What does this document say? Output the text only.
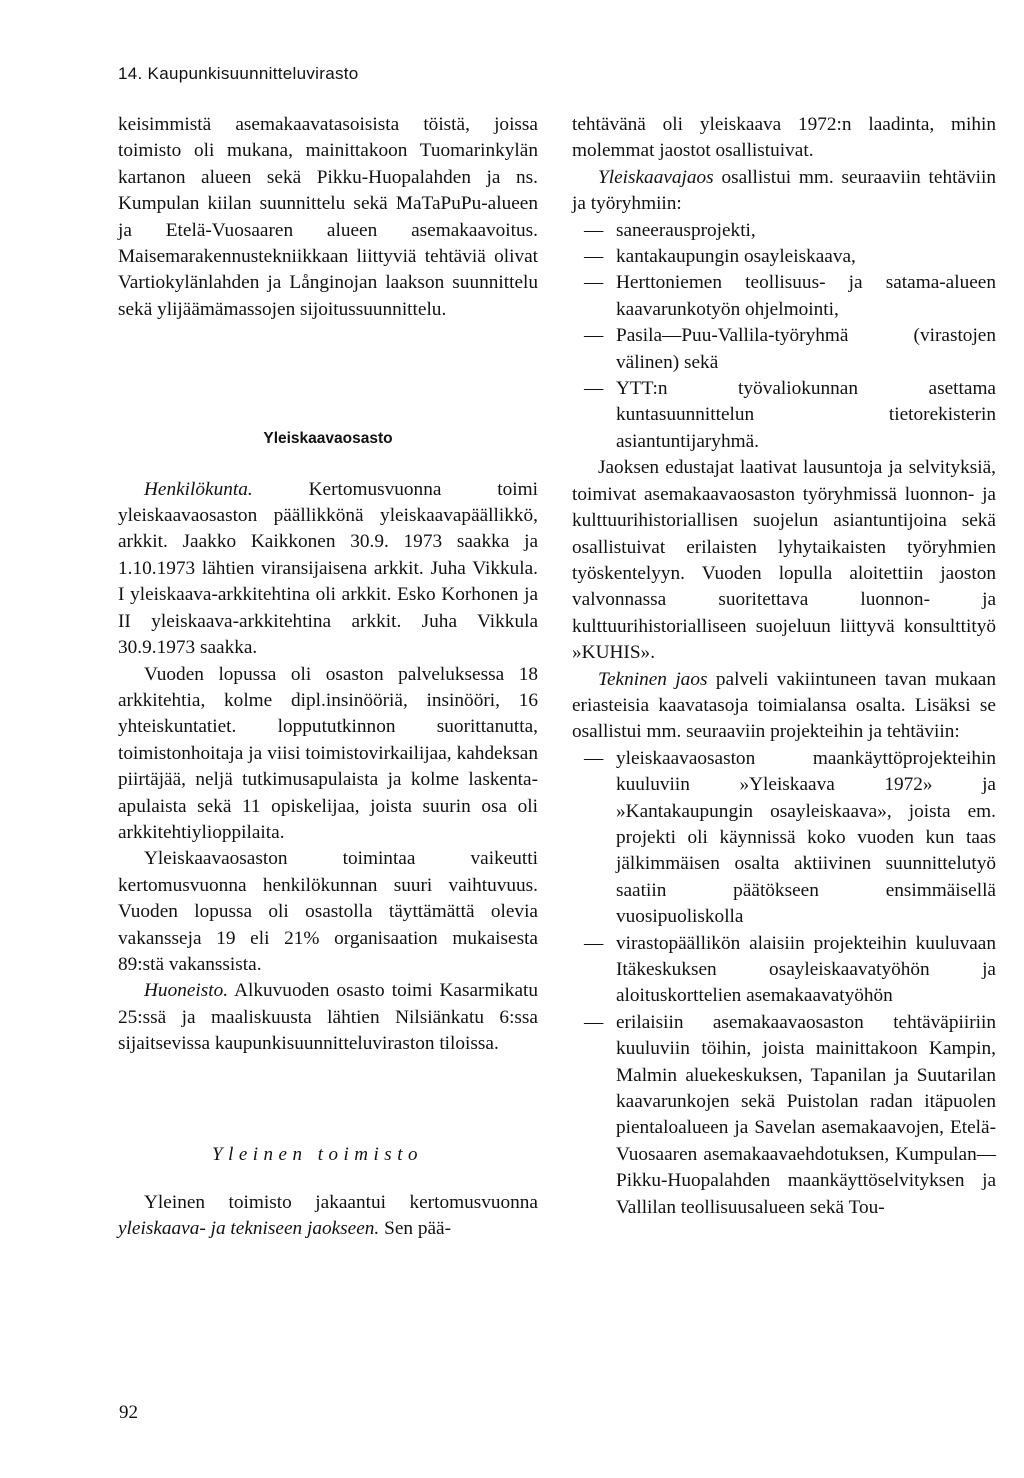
14. Kaupunkisuunnitteluvirasto

keisimmistä asemakaavatasoisista töistä, joissa toimisto oli mukana, mainittakoon Tuomarinkylän kartanon alueen sekä Pikku-Huopalahden ja ns. Kumpulan kiilan suunnittelu sekä MaTaPuPu-alueen ja Etelä-Vuosaaren alueen asemakaavoitus. Maisemarakennustekniikkaan liittyviä tehtäviä olivat Vartiokylänlahden ja Långinojan laakson suunnittelu sekä ylijäämämassojen sijoitussuunnittelu.

Yleiskaavaosasto

Henkilökunta.	Kertomusvuonna toimi yleiskaavaosaston päällikkönä yleiskaavapäällikkö, arkkit. Jaakko Kaikkonen 30.9. 1973 saakka ja 1.10.1973 lähtien viransijaisena arkkit. Juha Vikkula. I yleiskaava-arkkitehtina oli arkkit. Esko Korhonen ja II yleiskaava-arkkitehtina arkkit. Juha Vikkula 30.9.1973 saakka.

Vuoden lopussa oli osaston palveluksessa 18 arkkitehtia, kolme dipl.insinööriä, insinööri, 16 yhteiskuntatiet. loppututkinnon suorittanutta, toimistonhoitaja ja viisi toimistovirkailijaa, kahdeksan piirtäjää, neljä tutkimusapulaista ja kolme laskenta-apulaista sekä 11 opiskelijaa, joista suurin osa oli arkkitehtiylioppilaita.

Yleiskaavaosaston toimintaa vaikeutti kertomusvuonna henkilökunnan suuri vaihtuvuus. Vuoden lopussa oli osastolla täyttämättä olevia vakansseja 19 eli 21% organisaation mukaisesta 89:stä vakanssista.

Huoneisto. Alkuvuoden osasto toimi Kasarmikatu 25:ssä ja maaliskuusta lähtien Nilsiänkatu 6:ssa sijaitsevissa kaupunkisuunnitteluviraston tiloissa.

Yleinen toimisto

Yleinen toimisto jakaantui kertomusvuonna yleiskaava- ja tekniseen jaokseen. Sen pää-

tehtävänä oli yleiskaava 1972:n laadinta, mihin molemmat jaostot osallistuivat.

Yleiskaavajaos osallistui mm. seuraaviin tehtäviin ja työryhmiin:

— saneerausprojekti,
— kantakaupungin osayleiskaava,
— Herttoniemen teollisuus- ja satama-alueen kaavarunkotyön ohjelmointi,
— Pasila—Puu-Vallila-työryhmä (virastojen välinen) sekä
— YTT:n työvaliokunnan asettama kuntasuunnittelun tietorekisterin asiantuntijaryhmä.

Jaoksen edustajat laativat lausuntoja ja selvityksiä, toimivat asemakaavaosaston työryhmissä luonnon- ja kulttuurihistoriallisen suojelun asiantuntijoina sekä osallistuivat erilaisten lyhytaikaisten työryhmien työskentelyyn. Vuoden lopulla aloitettiin jaoston valvonnassa suoritettava luonnon- ja kulttuurihistorialliseen suojeluun liittyvä konsulttityö »KUHIS».

Tekninen jaos palveli vakiintuneen tavan mukaan eriasteisia kaavatasoja toimialansa osalta. Lisäksi se osallistui mm. seuraaviin projekteihin ja tehtäviin:

— yleiskaavaosaston maankäyttöprojekteihin kuuluviin »Yleiskaava 1972» ja »Kantakaupungin osayleiskaava», joista em. projekti oli käynnissä koko vuoden kun taas jälkimmäisen osalta aktiivinen suunnittelutyö saatiin päätökseen ensimmäisellä vuosipuoliskolla
— virastopäällikön alaisiin projekteihin kuuluvaan Itäkeskuksen osayleiskaavatyöhön ja aloituskorttelien asemakaavatyöhön
— erilaisiin asemakaavaosaston tehtäväpiiriin kuuluviin töihin, joista mainittakoon Kampin, Malmin aluekeskuksen, Tapanilan ja Suutarilan kaavarunkojen sekä Puistolan radan itäpuolen pientaloalueen ja Savelan asemakaavojen, Etelä-Vuosaaren asemakaavaehdotuksen, Kumpulan—Pikku-Huopalahden maankäyttöselvityksen ja Vallilan teollisuusalueen sekä Tou-
92
